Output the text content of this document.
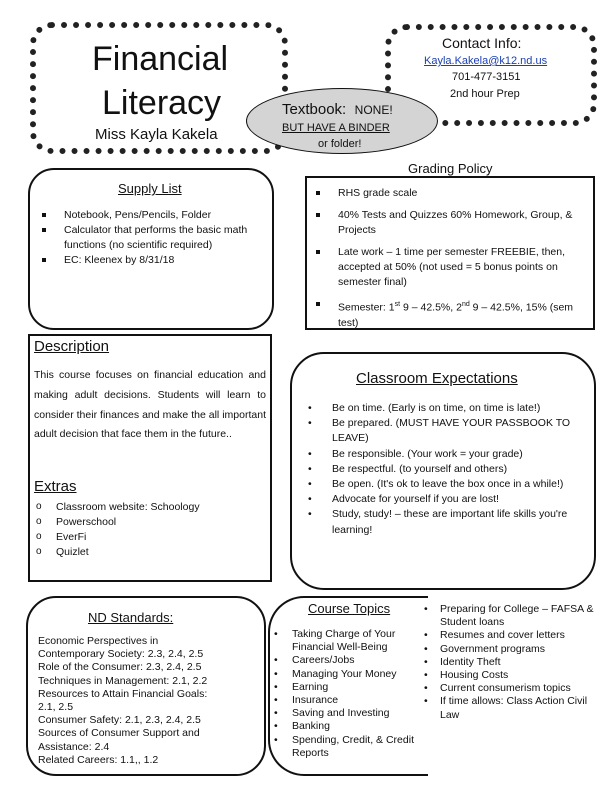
Financial
Literacy
Miss Kayla Kakela
Contact Info:
Kayla.Kakela@k12.nd.us
701-477-3151
2nd hour Prep
Textbook: NONE!
BUT HAVE A BINDER
or folder!
Grading Policy
RHS grade scale
40% Tests and Quizzes 60% Homework, Group, & Projects
Late work – 1 time per semester FREEBIE, then, accepted at 50% (not used = 5 bonus points on semester final)
Semester: 1st 9 – 42.5%, 2nd 9 – 42.5%, 15% (sem test)
Supply List
Notebook, Pens/Pencils, Folder
Calculator that performs the basic math functions (no scientific required)
EC: Kleenex by 8/31/18
Description
This course focuses on financial education and making adult decisions. Students will learn to consider their finances and make the all important adult decision that face them in the future..
Extras
o Classroom website: Schoology
o Powerschool
o EverFi
o Quizlet
Classroom Expectations
• Be on time. (Early is on time, on time is late!)
• Be prepared. (MUST HAVE YOUR PASSBOOK TO LEAVE)
• Be responsible. (Your work = your grade)
• Be respectful. (to yourself and others)
• Be open. (It's ok to leave the box once in a while!)
• Advocate for yourself if you are lost!
• Study, study! – these are important life skills you're learning!
ND Standards:
Economic Perspectives in
Contemporary Society: 2.3, 2.4, 2.5
Role of the Consumer: 2.3, 2.4, 2.5
Techniques in Management: 2.1, 2.2
Resources to Attain Financial Goals:
2.1, 2.5
Consumer Safety: 2.1, 2.3, 2.4, 2.5
Sources of Consumer Support and
Assistance: 2.4
Related Careers: 1.1,, 1.2
Course Topics
• Taking Charge of Your Financial Well-Being
• Careers/Jobs
• Managing Your Money
• Earning
• Insurance
• Saving and Investing
• Banking
• Spending, Credit, & Credit Reports
• Preparing for College – FAFSA & Student loans
• Resumes and cover letters
• Government programs
• Identity Theft
• Housing Costs
• Current consumerism topics
• If time allows: Class Action Civil Law
